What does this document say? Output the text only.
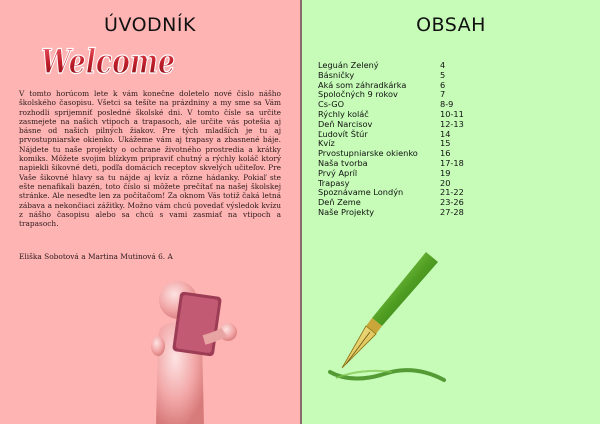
ÚVODNÍK
Welcome

V tomto horúcom lete k vám konečne doletelo nové číslo nášho školského časopisu. Všetci sa tešíte na prázdniny a my sme sa Vám rozhodli sprijemniť posledné školské dni. V tomto čísle sa určite zasmejete na našich vtipoch a trapasoch, ale určite vás potešia aj básne od našich pilných žiakov. Pre tých mladších je tu aj prvostupniarske okienko. Ukážeme vám aj trapasy a zbasnené báje. Nájdete tu naše projekty o ochrane životného prostredia a krátky komiks. Môžete svojim blízkym pripraviť chutný a rýchly koláč ktorý napiekli šikovné deti, podľa domácich receptov skvelých učiteľov. Pre Vaše šikovné hlavy sa tu nájde aj kvíz a rôzne hádanky. Pokiaľ ste ešte nenafikali bazén, toto číslo si môžete prečítať na našej školskej stránke. Ale neseďte len za počítačom! Za oknom Vás totiž čaká letná zábava a nekončiaci zážitky. Možno vám chcú povedať výsledok kvízu z nášho časopisu alebo sa chcú s vami zasmiať na vtipoch a trapasoch.

Eliška Sobotová a Martina Mutinová 6. A

OBSAH
Leguán Zelený	4
Básničky	5
Aká som záhradkárka	6
Spoločných 9 rokov	7
Cs-GO	8-9
Rýchly koláč	10-11
Deň Narcisov	12-13
Ľudovít Štúr	14
Kvíz	15
Prvostupniarske okienko	16
Naša tvorba	17-18
Prvý Apríl	19
Trapasy	20
Spoznávame Londýn	21-22
Deň Zeme	23-26
Naše Projekty	27-28
